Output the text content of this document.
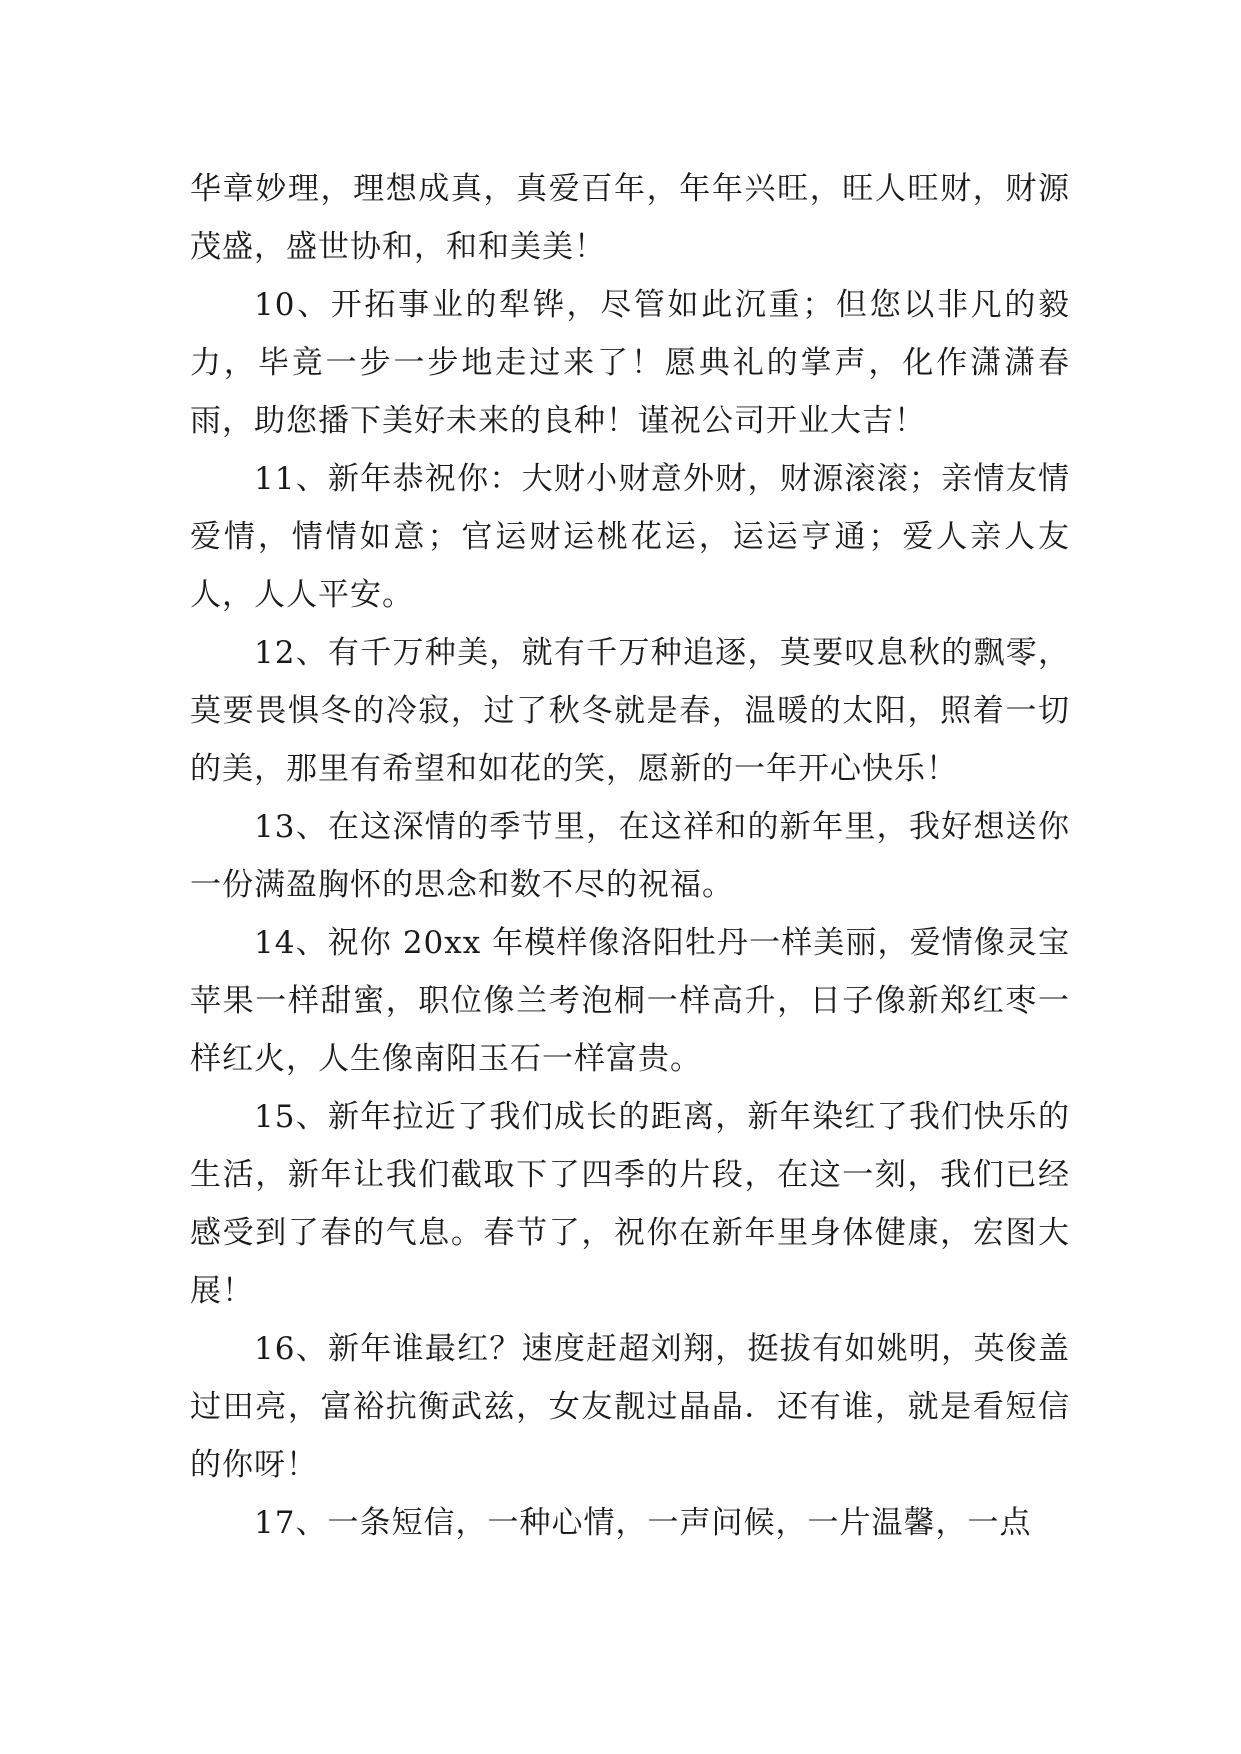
华章妙理，理想成真，真爱百年，年年兴旺，旺人旺财，财源茂盛，盛世协和，和和美美！

10、开拓事业的犁铧，尽管如此沉重；但您以非凡的毅力，毕竟一步一步地走过来了！愿典礼的掌声，化作潇潇春雨，助您播下美好未来的良种！谨祝公司开业大吉！

11、新年恭祝你：大财小财意外财，财源滚滚；亲情友情爱情，情情如意；官运财运桃花运，运运亨通；爱人亲人友人，人人平安。

12、有千万种美，就有千万种追逐，莫要叹息秋的飘零，莫要畏惧冬的冷寂，过了秋冬就是春，温暖的太阳，照着一切的美，那里有希望和如花的笑，愿新的一年开心快乐！

13、在这深情的季节里，在这祥和的新年里，我好想送你一份满盈胸怀的思念和数不尽的祝福。

14、祝你 20xx 年模样像洛阳牡丹一样美丽，爱情像灵宝苹果一样甜蜜，职位像兰考泡桐一样高升，日子像新郑红枣一样红火，人生像南阳玉石一样富贵。

15、新年拉近了我们成长的距离，新年染红了我们快乐的生活，新年让我们截取下了四季的片段，在这一刻，我们已经感受到了春的气息。春节了，祝你在新年里身体健康，宏图大展！

16、新年谁最红？速度赶超刘翔，挺拔有如姚明，英俊盖过田亮，富裕抗衡武兹，女友靓过晶晶．还有谁，就是看短信的你呀！

17、一条短信，一种心情，一声问候，一片温馨，一点
